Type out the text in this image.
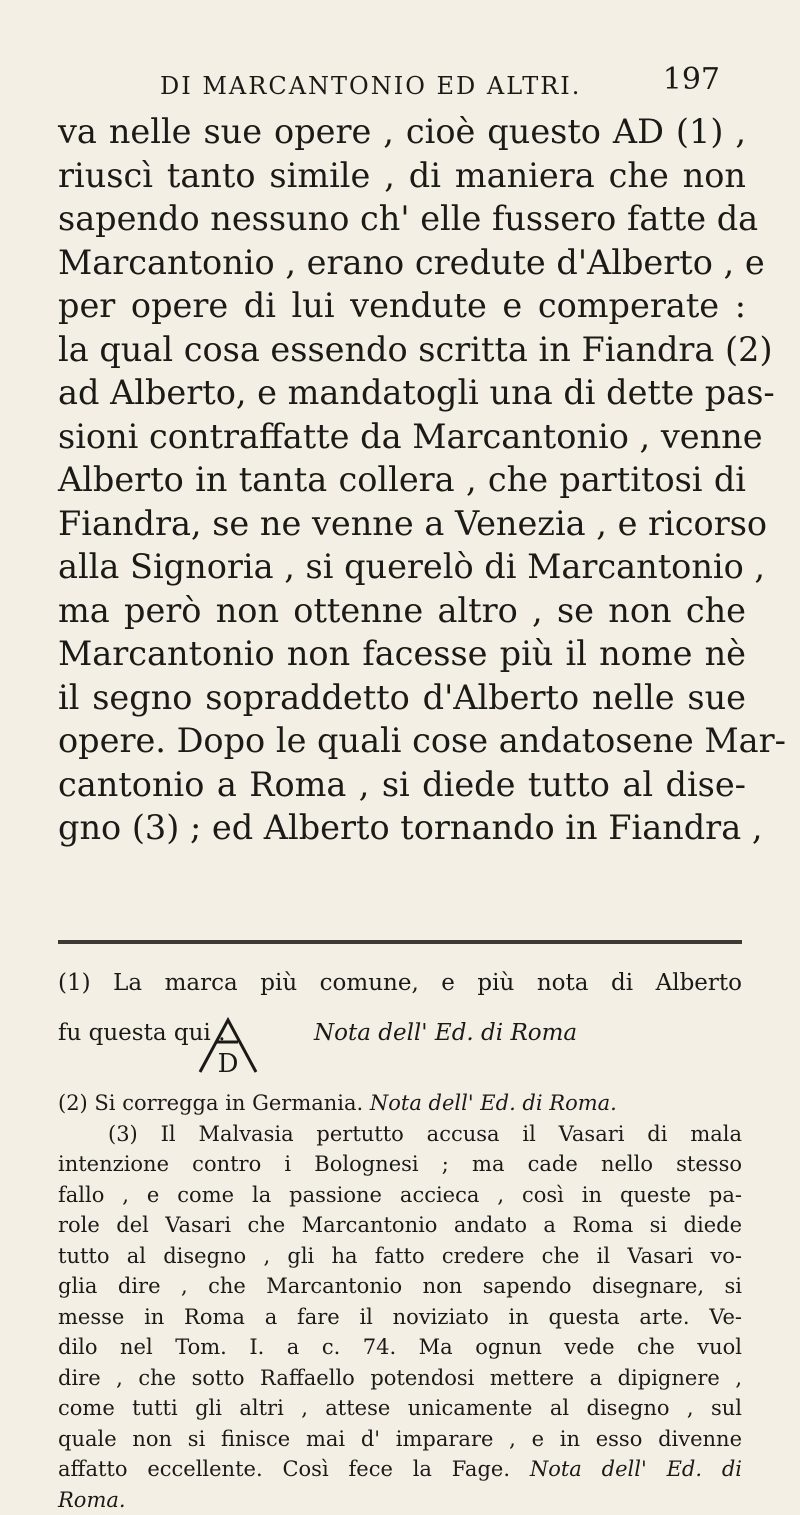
DI MARCANTONIO ED ALTRI.	197
va nelle sue opere , cioè questo AD (1) ,
riuscì tanto simile , di maniera che non
sapendo nessuno ch' elle fussero fatte da
Marcantonio , erano credute d'Alberto , e
per opere di lui vendute e comperate :
la qual cosa essendo scritta in Fiandra (2)
ad Alberto, e mandatogli una di dette pas-
sioni contraffatte da Marcantonio , venne
Alberto in tanta collera , che partitosi di
Fiandra, se ne venne a Venezia , e ricorso
alla Signoria , si querelò di Marcantonio ,
ma però non ottenne altro , se non che
Marcantonio non facesse più il nome nè
il segno sopraddetto d'Alberto nelle sue
opere. Dopo le quali cose andatosene Mar-
cantonio a Roma , si diede tutto al dise-
gno (3) ; ed Alberto tornando in Fiandra ,
(1) La marca più comune, e più nota di Alberto
fu questa qui :
D
Nota dell' Ed. di Roma
(2) Si corregga in Germania. Nota dell' Ed. di Roma.
(3) Il Malvasia pertutto accusa il Vasari di mala
intenzione contro i Bolognesi ; ma cade nello stesso
fallo , e come la passione accieca , così in queste pa-
role del Vasari che Marcantonio andato a Roma si diede
tutto al disegno , gli ha fatto credere che il Vasari vo-
glia dire , che Marcantonio non sapendo disegnare, si
messe in Roma a fare il noviziato in questa arte. Ve-
dilo nel Tom. I. a c. 74. Ma ognun vede che vuol
dire , che sotto Raffaello potendosi mettere a dipignere ,
come tutti gli altri , attese unicamente al disegno , sul
quale non si finisce mai d' imparare , e in esso divenne
affatto eccellente. Così fece la Fage. Nota dell' Ed. di
Roma.
